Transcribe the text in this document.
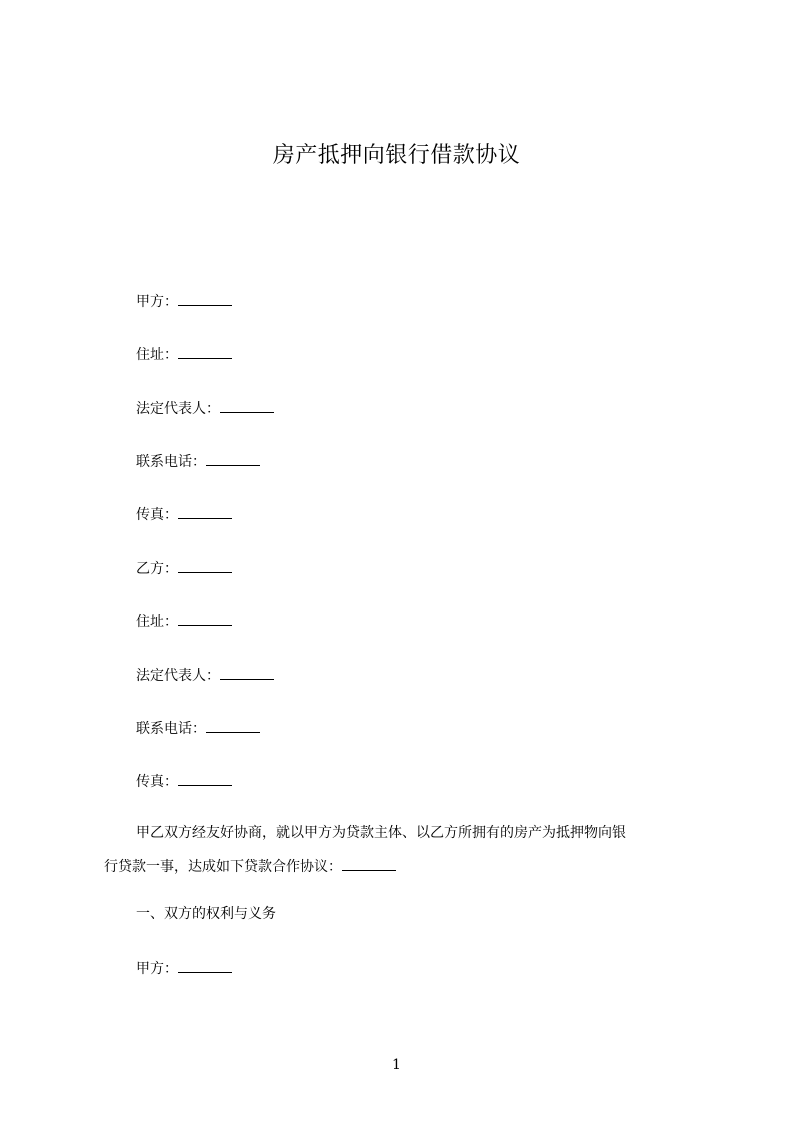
房产抵押向银行借款协议
甲方：
住址：
法定代表人：
联系电话：
传真：
乙方：
住址：
法定代表人：
联系电话：
传真：
甲乙双方经友好协商，就以甲方为贷款主体、以乙方所拥有的房产为抵押物向银
行贷款一事，达成如下贷款合作协议：
一、双方的权利与义务
甲方：
1
